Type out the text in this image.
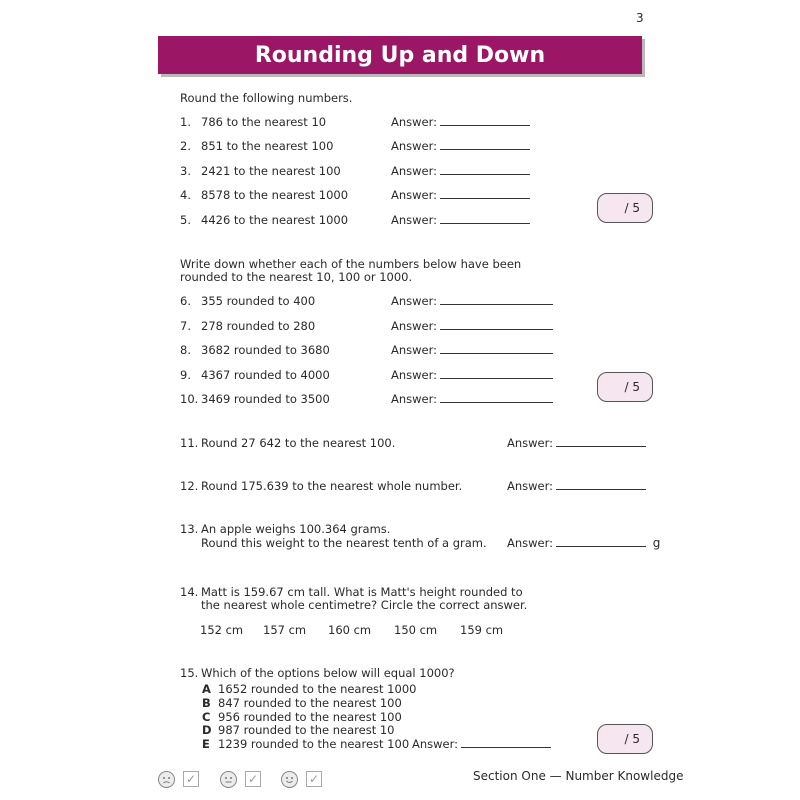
3
Rounding Up and Down
Round the following numbers.
1. 786 to the nearest 10	Answer:
2. 851 to the nearest 100	Answer:
3. 2421 to the nearest 100	Answer:
4. 8578 to the nearest 1000	Answer:
5. 4426 to the nearest 1000	Answer:
/ 5
Write down whether each of the numbers below have been
rounded to the nearest 10, 100 or 1000.
6. 355 rounded to 400	Answer:
7. 278 rounded to 280	Answer:
8. 3682 rounded to 3680	Answer:
9. 4367 rounded to 4000	Answer:
10. 3469 rounded to 3500	Answer:
/ 5
11. Round 27 642 to the nearest 100.	Answer:
12. Round 175.639 to the nearest whole number.	Answer:
13. An apple weighs 100.364 grams.
Round this weight to the nearest tenth of a gram. Answer:	g
14. Matt is 159.67 cm tall. What is Matt's height rounded to
the nearest whole centimetre? Circle the correct answer.
152 cm 157 cm 160 cm 150 cm 159 cm
15. Which of the options below will equal 1000?
A 1652 rounded to the nearest 1000
B 847 rounded to the nearest 100
C 956 rounded to the nearest 100
D 987 rounded to the nearest 10
E 1239 rounded to the nearest 100 Answer:	/ 5
✓	✓	✓	Section One — Number Knowledge
